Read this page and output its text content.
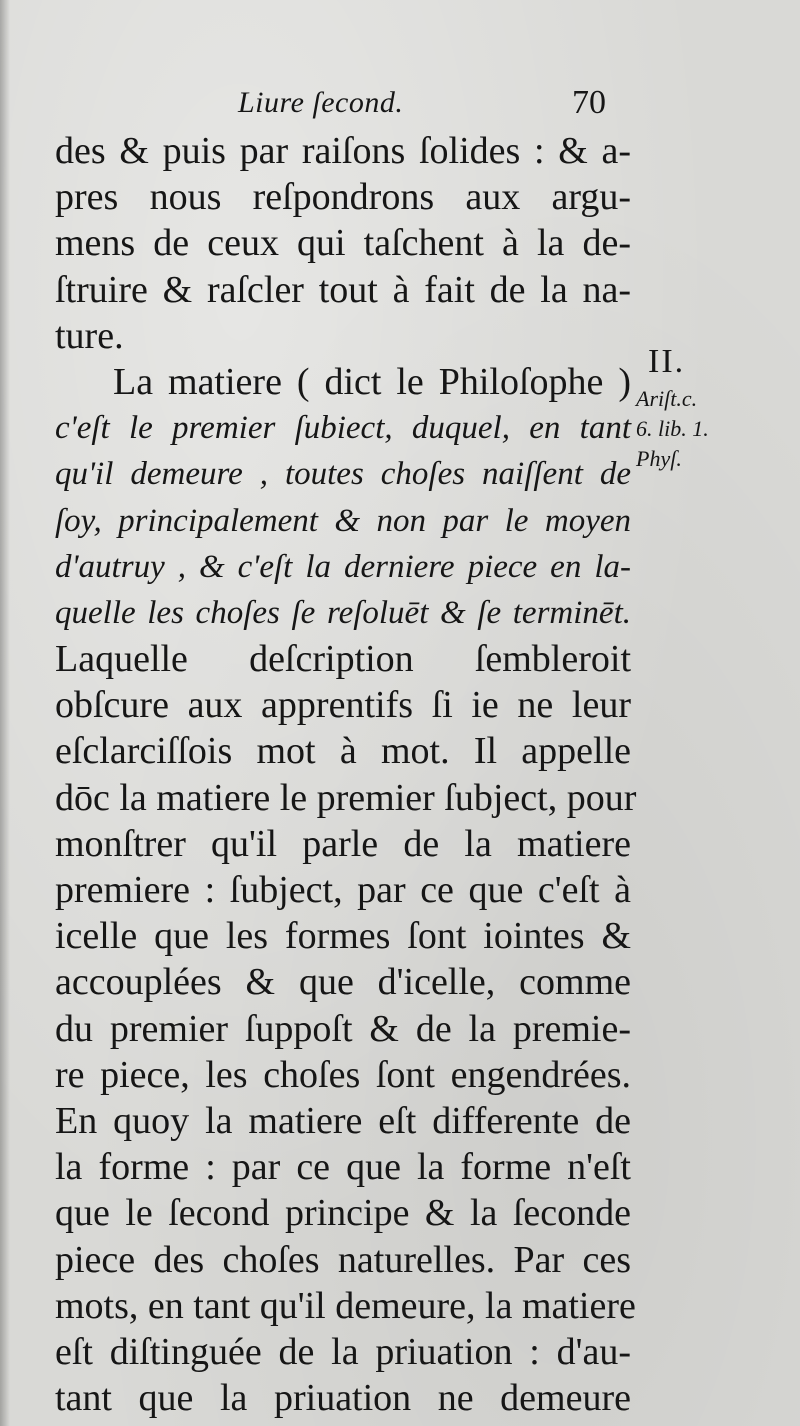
Liure ſecond.	70
des & puis par raiſons ſolides : & a-
pres nous reſpondrons aux argu-
mens de ceux qui taſchent à la de-
ſtruire & raſcler tout à fait de la na-
ture.
La matiere ( dict le Philoſophe )
c'eſt le premier ſubiect, duquel, en tant
qu'il demeure , toutes choſes naiſſent de
ſoy, principalement & non par le moyen
d'autruy , & c'eſt la derniere piece en la-
quelle les choſes ſe reſoluēt & ſe terminēt.
Laquelle deſcription ſembleroit
obſcure aux apprentifs ſi ie ne leur
eſclarciſſois mot à mot. Il appelle
dōc la matiere le premier ſubject, pour
monſtrer qu'il parle de la matiere
premiere : ſubject, par ce que c'eſt à
icelle que les formes ſont iointes &
accouplées & que d'icelle, comme
du premier ſuppoſt & de la premie-
re piece, les choſes ſont engendrées.
En quoy la matiere eſt differente de
la forme : par ce que la forme n'eſt
que le ſecond principe & la ſeconde
piece des choſes naturelles. Par ces
mots, en tant qu'il demeure, la matiere
eſt diſtinguée de la priuation : d'au-
tant que la priuation ne demeure
II.
Ariſt.c.
6. lib. 1.
Phyſ.
